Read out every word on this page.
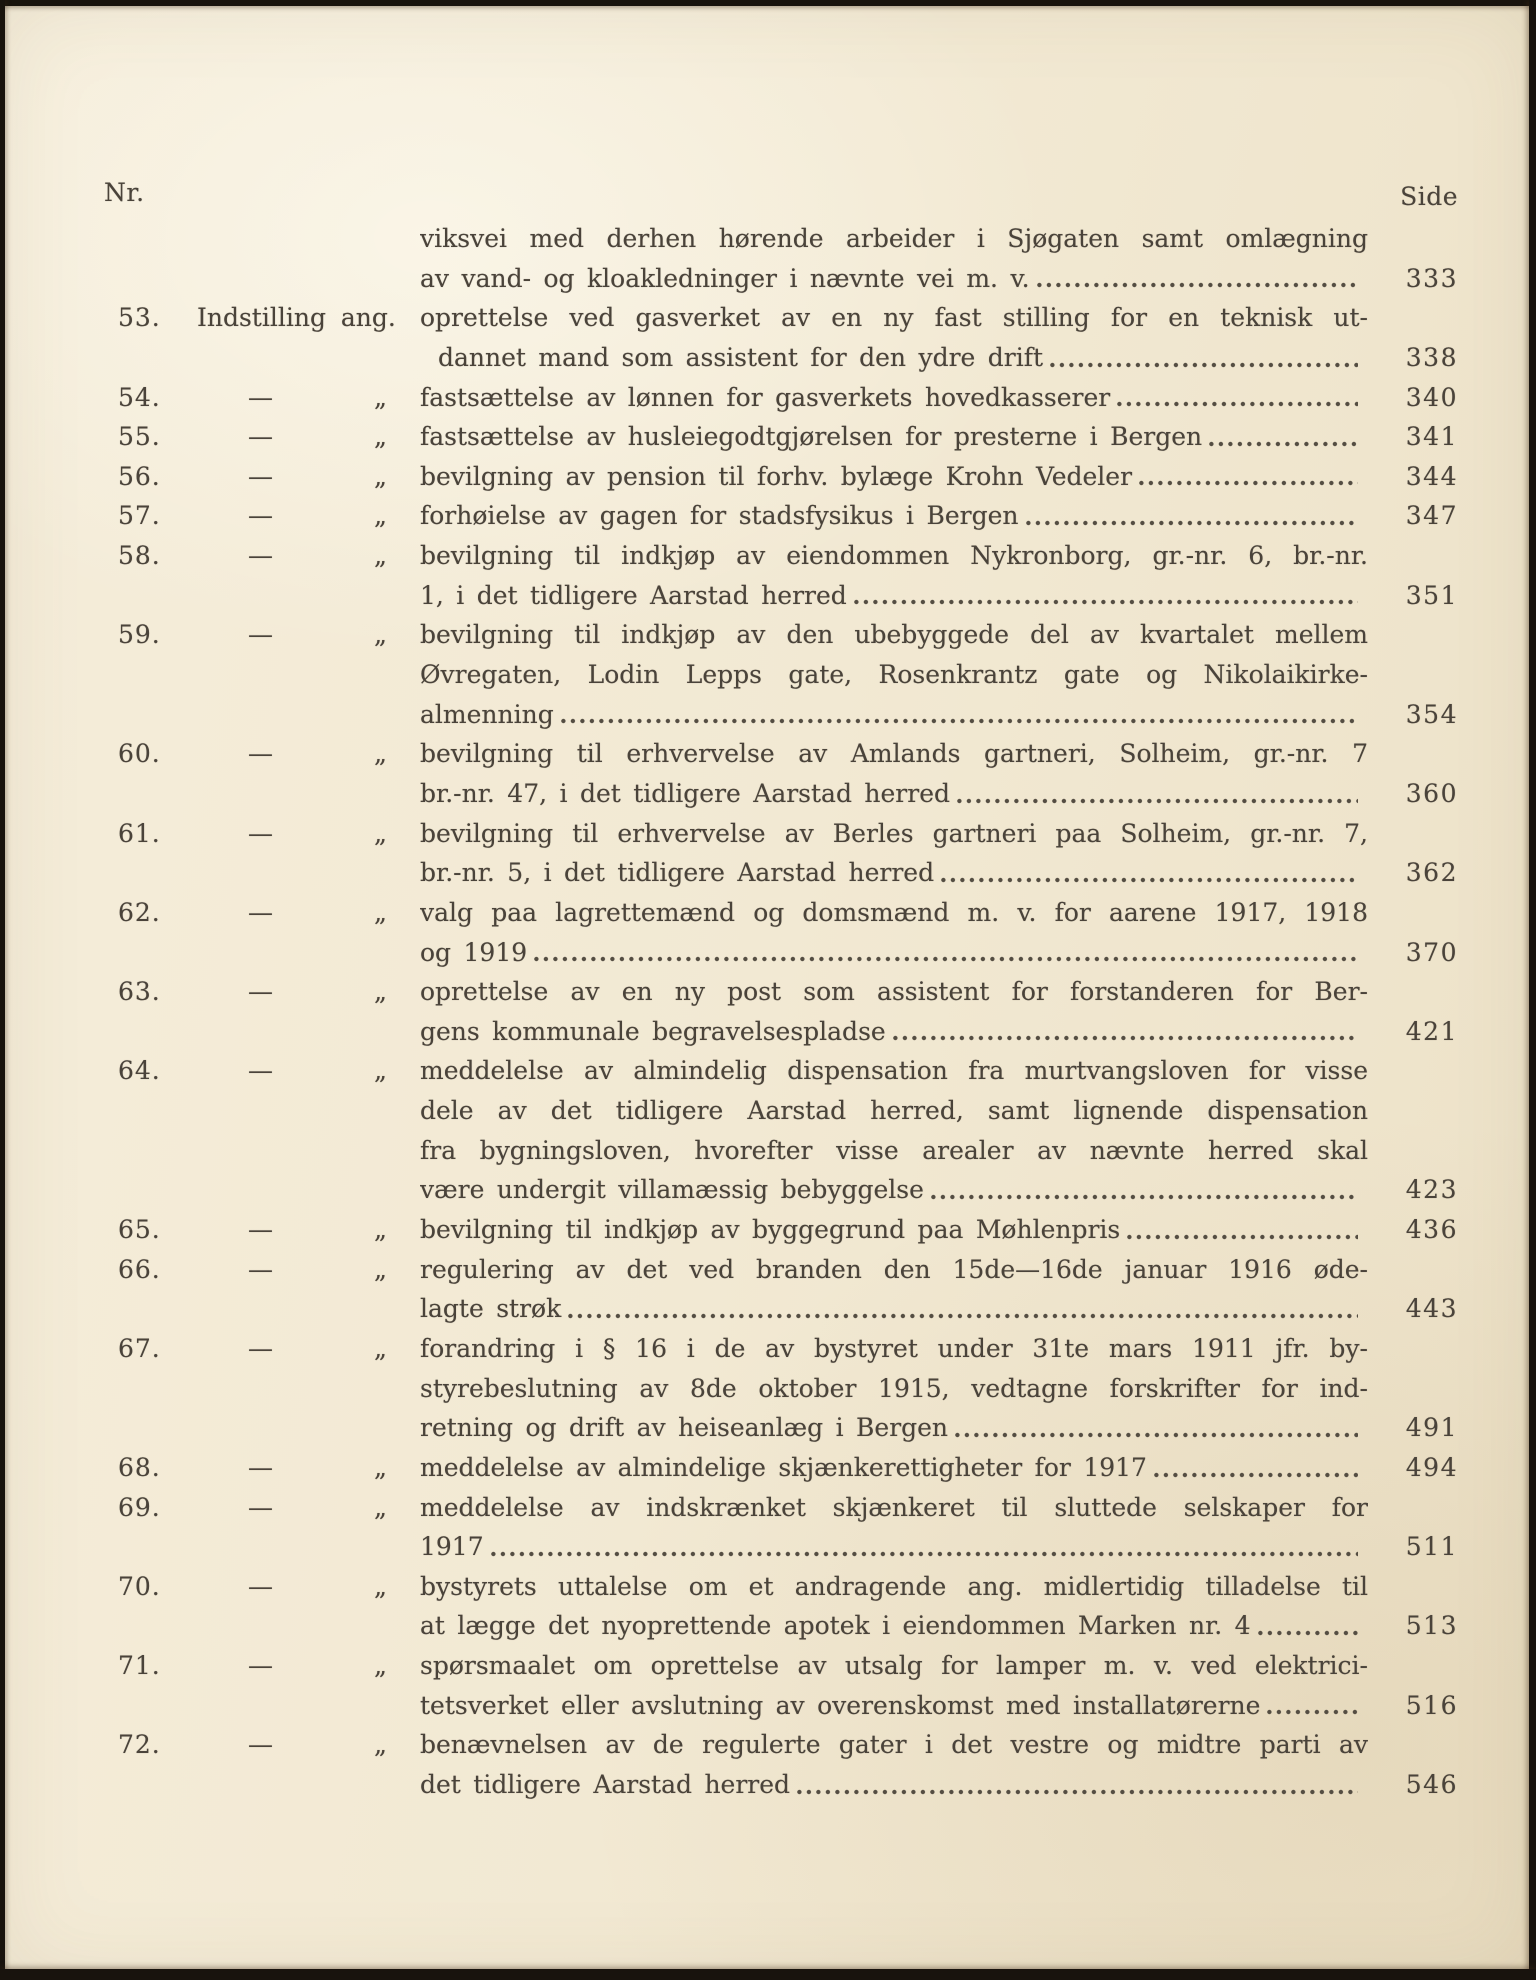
Nr.	Side
viksvei med derhen hørende arbeider i Sjøgaten samt omlægning
av vand- og kloakledninger i nævnte vei m. v.	333
53.	Indstilling ang. oprettelse ved gasverket av en ny fast stilling for en teknisk ut-
dannet mand som assistent for den ydre drift	338
54.	—	„ fastsættelse av lønnen for gasverkets hovedkasserer	340
55.	—	„ fastsættelse av husleiegodtgjørelsen for presterne i Bergen	341
56.	—	„ bevilgning av pension til forhv. bylæge Krohn Vedeler	344
57.	—	„ forhøielse av gagen for stadsfysikus i Bergen	347
58.	—	„ bevilgning til indkjøp av eiendommen Nykronborg, gr.-nr. 6, br.-nr.
1, i det tidligere Aarstad herred	351
59.	—	„ bevilgning til indkjøp av den ubebyggede del av kvartalet mellem
Øvregaten, Lodin Lepps gate, Rosenkrantz gate og Nikolaikirke-
almenning	354
60.	—	„ bevilgning til erhvervelse av Amlands gartneri, Solheim, gr.-nr. 7
br.-nr. 47, i det tidligere Aarstad herred	360
61.	—	„ bevilgning til erhvervelse av Berles gartneri paa Solheim, gr.-nr. 7,
br.-nr. 5, i det tidligere Aarstad herred	362
62.	—	„ valg paa lagrettemænd og domsmænd m. v. for aarene 1917, 1918
og 1919	370
63.	—	„ oprettelse av en ny post som assistent for forstanderen for Ber-
gens kommunale begravelsespladse	421
64.	—	„ meddelelse av almindelig dispensation fra murtvangsloven for visse
dele av det tidligere Aarstad herred, samt lignende dispensation
fra bygningsloven, hvorefter visse arealer av nævnte herred skal
være undergit villamæssig bebyggelse	423
65.	—	„ bevilgning til indkjøp av byggegrund paa Møhlenpris	436
66.	—	„ regulering av det ved branden den 15de—16de januar 1916 øde-
lagte strøk	443
67.	—	„ forandring i § 16 i de av bystyret under 31te mars 1911 jfr. by-
styrebeslutning av 8de oktober 1915, vedtagne forskrifter for ind-
retning og drift av heiseanlæg i Bergen	491
68.	—	„ meddelelse av almindelige skjænkerettigheter for 1917	494
69.	—	„ meddelelse av indskrænket skjænkeret til sluttede selskaper for
1917	511
70.	—	„ bystyrets uttalelse om et andragende ang. midlertidig tilladelse til
at lægge det nyoprettende apotek i eiendommen Marken nr. 4	513
71.	—	„ spørsmaalet om oprettelse av utsalg for lamper m. v. ved elektrici-
tetsverket eller avslutning av overenskomst med installatørerne	516
72.	—	„ benævnelsen av de regulerte gater i det vestre og midtre parti av
det tidligere Aarstad herred	546
